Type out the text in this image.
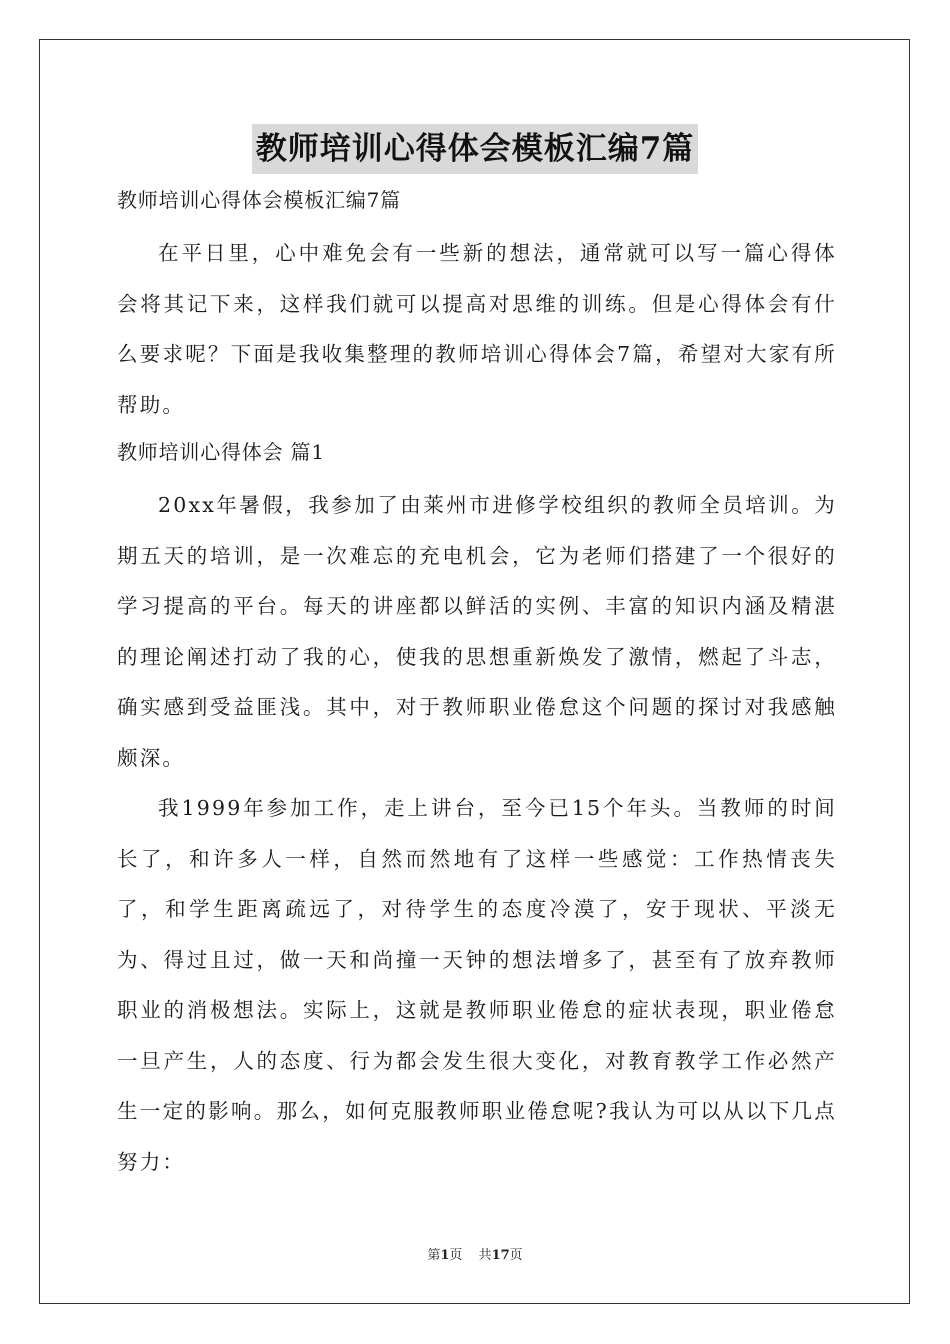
教师培训心得体会模板汇编7篇

教师培训心得体会模板汇编7篇

在平日里，心中难免会有一些新的想法，通常就可以写一篇心得体会将其记下来，这样我们就可以提高对思维的训练。但是心得体会有什么要求呢？下面是我收集整理的教师培训心得体会7篇，希望对大家有所帮助。

教师培训心得体会 篇1

20xx年暑假，我参加了由莱州市进修学校组织的教师全员培训。为期五天的培训，是一次难忘的充电机会，它为老师们搭建了一个很好的学习提高的平台。每天的讲座都以鲜活的实例、丰富的知识内涵及精湛的理论阐述打动了我的心，使我的思想重新焕发了激情，燃起了斗志，确实感到受益匪浅。其中，对于教师职业倦怠这个问题的探讨对我感触颇深。

我1999年参加工作，走上讲台，至今已15个年头。当教师的时间长了，和许多人一样，自然而然地有了这样一些感觉：工作热情丧失了，和学生距离疏远了，对待学生的态度冷漠了，安于现状、平淡无为、得过且过，做一天和尚撞一天钟的想法增多了，甚至有了放弃教师职业的消极想法。实际上，这就是教师职业倦怠的症状表现，职业倦怠一旦产生，人的态度、行为都会发生很大变化，对教育教学工作必然产生一定的影响。那么，如何克服教师职业倦怠呢?我认为可以从以下几点努力：

第1页 共17页
